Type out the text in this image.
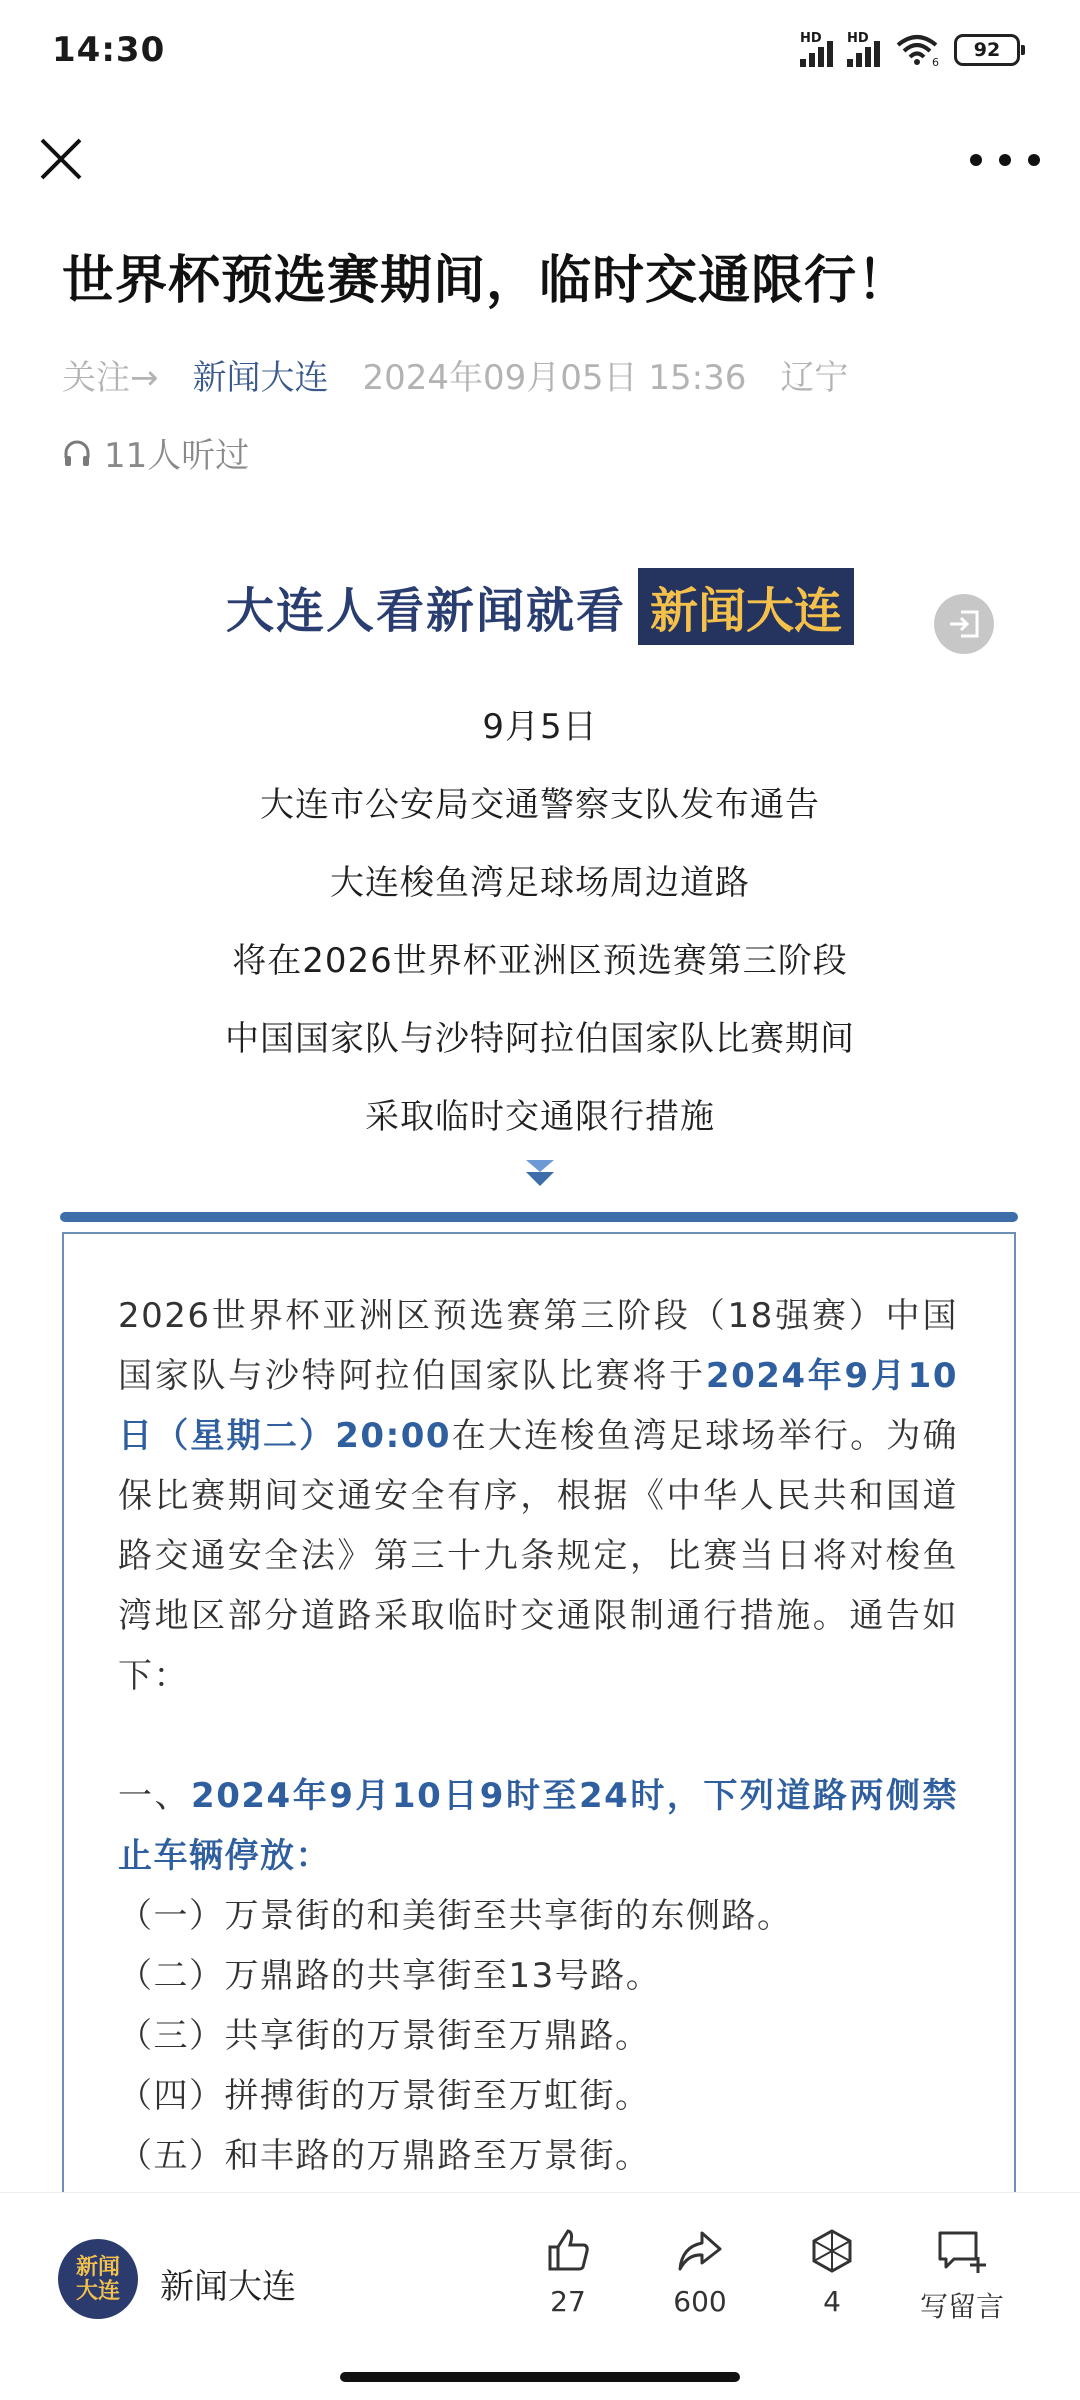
14:30	HD HD
6
92
世界杯预选赛期间，临时交通限行！
关注→ 新闻大连 2024年09月05日 15:36 辽宁
11人听过
大连人看新闻就看 新闻大连

9月5日

大连市公安局交通警察支队发布通告

大连梭鱼湾足球场周边道路

将在2026世界杯亚洲区预选赛第三阶段

中国国家队与沙特阿拉伯国家队比赛期间

采取临时交通限行措施

2026世界杯亚洲区预选赛第三阶段（18强赛）中国国家队与沙特阿拉伯国家队比赛将于2024年9月10日（星期二）20:00在大连梭鱼湾足球场举行。为确保比赛期间交通安全有序，根据《中华人民共和国道路交通安全法》第三十九条规定，比赛当日将对梭鱼湾地区部分道路采取临时交通限制通行措施。通告如下：

一、2024年9月10日9时至24时，下列道路两侧禁止车辆停放：

（一）万景街的和美街至共享街的东侧路。
（二）万鼎路的共享街至13号路。
（三）共享街的万景街至万鼎路。
（四）拼搏街的万景街至万虹街。
（五）和丰路的万鼎路至万景街。
新闻大连 新闻大连	27	600	4	写留言
